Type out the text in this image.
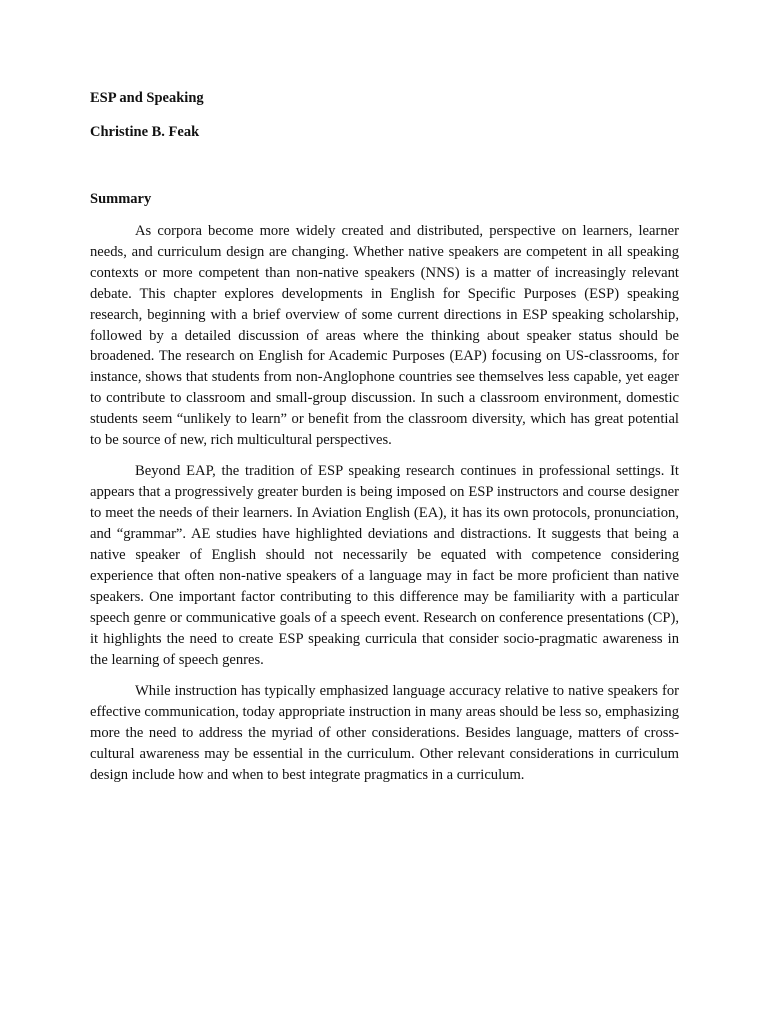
ESP and Speaking

Christine B. Feak

Summary

As corpora become more widely created and distributed, perspective on learners, learner needs, and curriculum design are changing. Whether native speakers are competent in all speaking contexts or more competent than non-native speakers (NNS) is a matter of increasingly relevant debate. This chapter explores developments in English for Specific Purposes (ESP) speaking research, beginning with a brief overview of some current directions in ESP speaking scholarship, followed by a detailed discussion of areas where the thinking about speaker status should be broadened. The research on English for Academic Purposes (EAP) focusing on US-classrooms, for instance, shows that students from non-Anglophone countries see themselves less capable, yet eager to contribute to classroom and small-group discussion. In such a classroom environment, domestic students seem “unlikely to learn” or benefit from the classroom diversity, which has great potential to be source of new, rich multicultural perspectives.

Beyond EAP, the tradition of ESP speaking research continues in professional settings. It appears that a progressively greater burden is being imposed on ESP instructors and course designer to meet the needs of their learners. In Aviation English (EA), it has its own protocols, pronunciation, and “grammar”. AE studies have highlighted deviations and distractions. It suggests that being a native speaker of English should not necessarily be equated with competence considering experience that often non-native speakers of a language may in fact be more proficient than native speakers. One important factor contributing to this difference may be familiarity with a particular speech genre or communicative goals of a speech event. Research on conference presentations (CP), it highlights the need to create ESP speaking curricula that consider socio-pragmatic awareness in the learning of speech genres.

While instruction has typically emphasized language accuracy relative to native speakers for effective communication, today appropriate instruction in many areas should be less so, emphasizing more the need to address the myriad of other considerations. Besides language, matters of cross-cultural awareness may be essential in the curriculum. Other relevant considerations in curriculum design include how and when to best integrate pragmatics in a curriculum.
